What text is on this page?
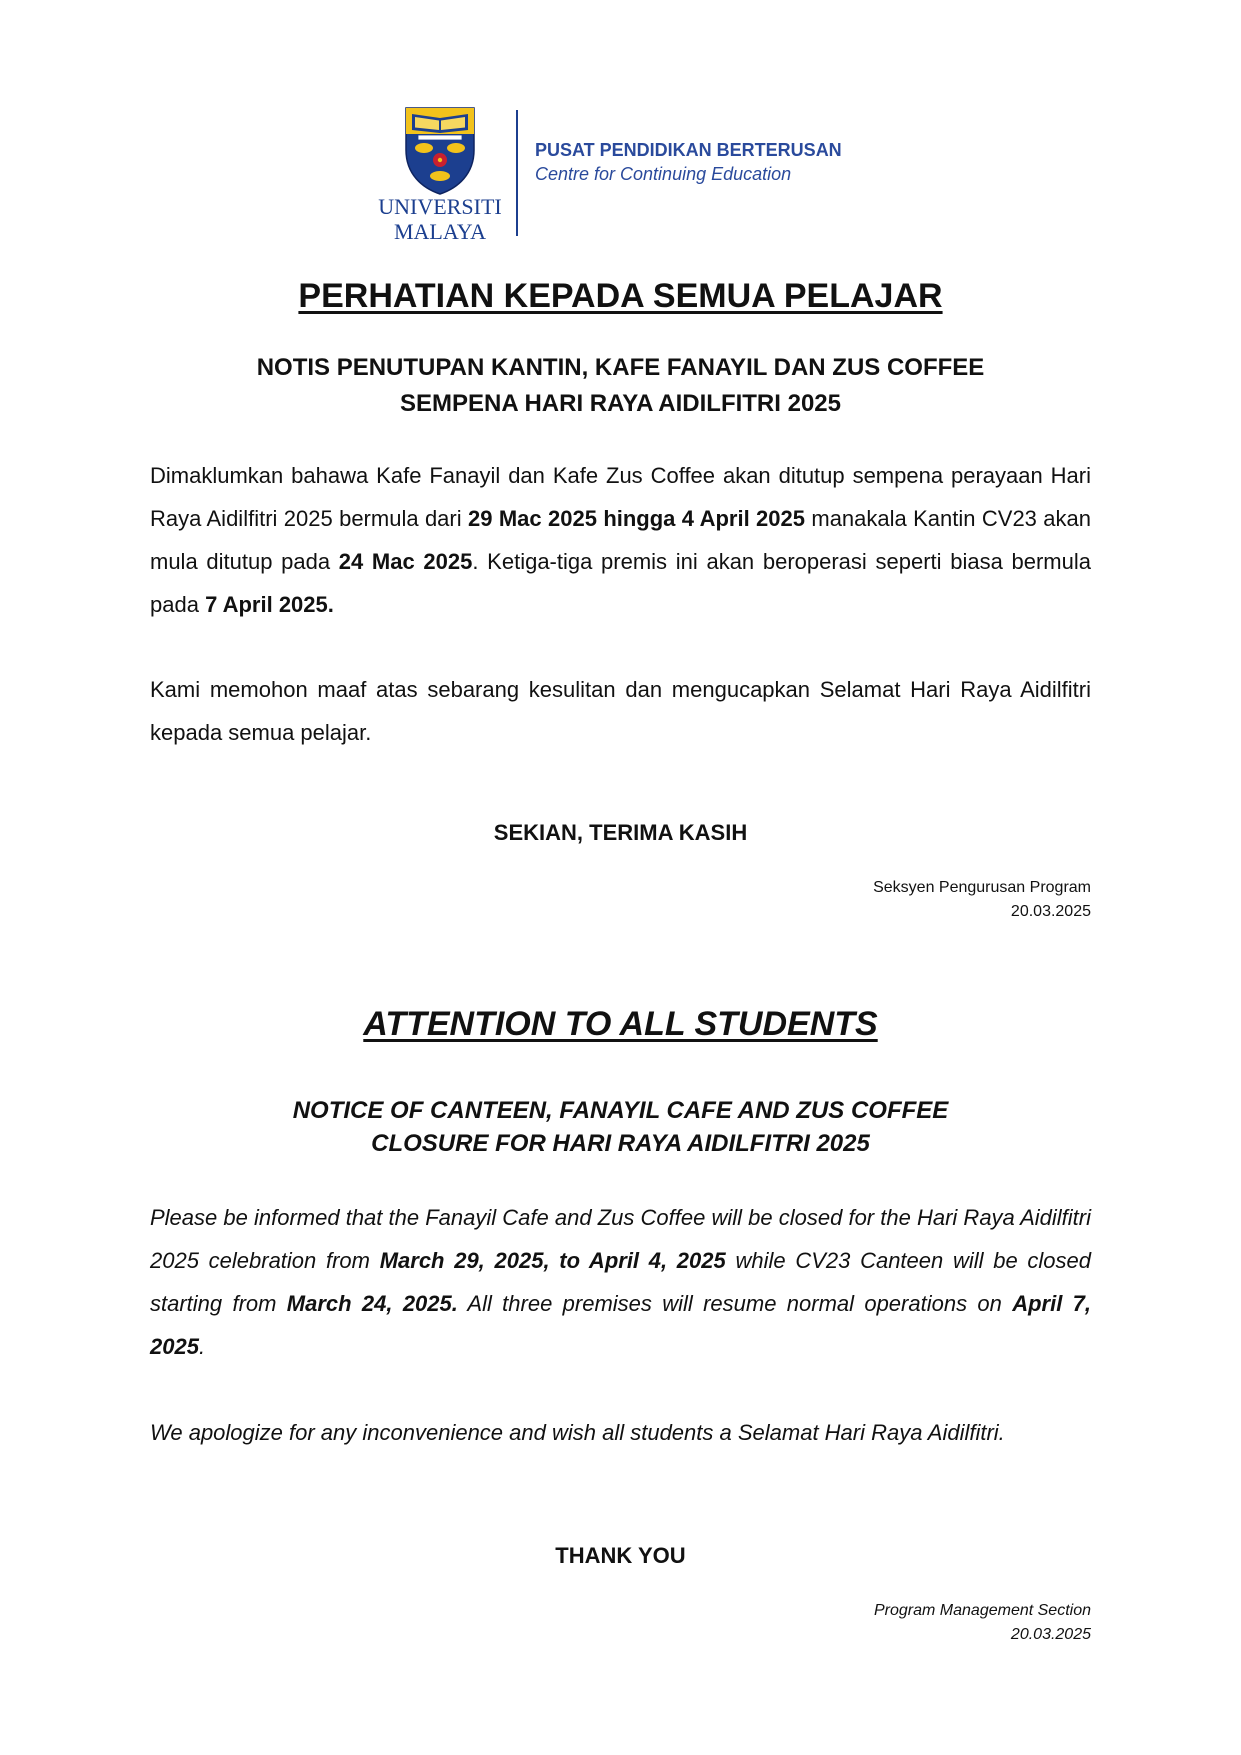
UNIVERSITI
MALAYA
PUSAT PENDIDIKAN BERTERUSAN
Centre for Continuing Education
PERHATIAN KEPADA SEMUA PELAJAR
NOTIS PENUTUPAN KANTIN, KAFE FANAYIL DAN ZUS COFFEE
SEMPENA HARI RAYA AIDILFITRI 2025

Dimaklumkan bahawa Kafe Fanayil dan Kafe Zus Coffee akan ditutup sempena perayaan Hari Raya Aidilfitri 2025 bermula dari 29 Mac 2025 hingga 4 April 2025 manakala Kantin CV23 akan mula ditutup pada 24 Mac 2025. Ketiga-tiga premis ini akan beroperasi seperti biasa bermula pada 7 April 2025.

Kami memohon maaf atas sebarang kesulitan dan mengucapkan Selamat Hari Raya Aidilfitri kepada semua pelajar.

SEKIAN, TERIMA KASIH
Seksyen Pengurusan Program
20.03.2025
ATTENTION TO ALL STUDENTS
NOTICE OF CANTEEN, FANAYIL CAFE AND ZUS COFFEE
CLOSURE FOR HARI RAYA AIDILFITRI 2025

Please be informed that the Fanayil Cafe and Zus Coffee will be closed for the Hari Raya Aidilfitri 2025 celebration from March 29, 2025, to April 4, 2025 while CV23 Canteen will be closed starting from March 24, 2025. All three premises will resume normal operations on April 7, 2025.

We apologize for any inconvenience and wish all students a Selamat Hari Raya Aidilfitri.

THANK YOU
Program Management Section
20.03.2025
